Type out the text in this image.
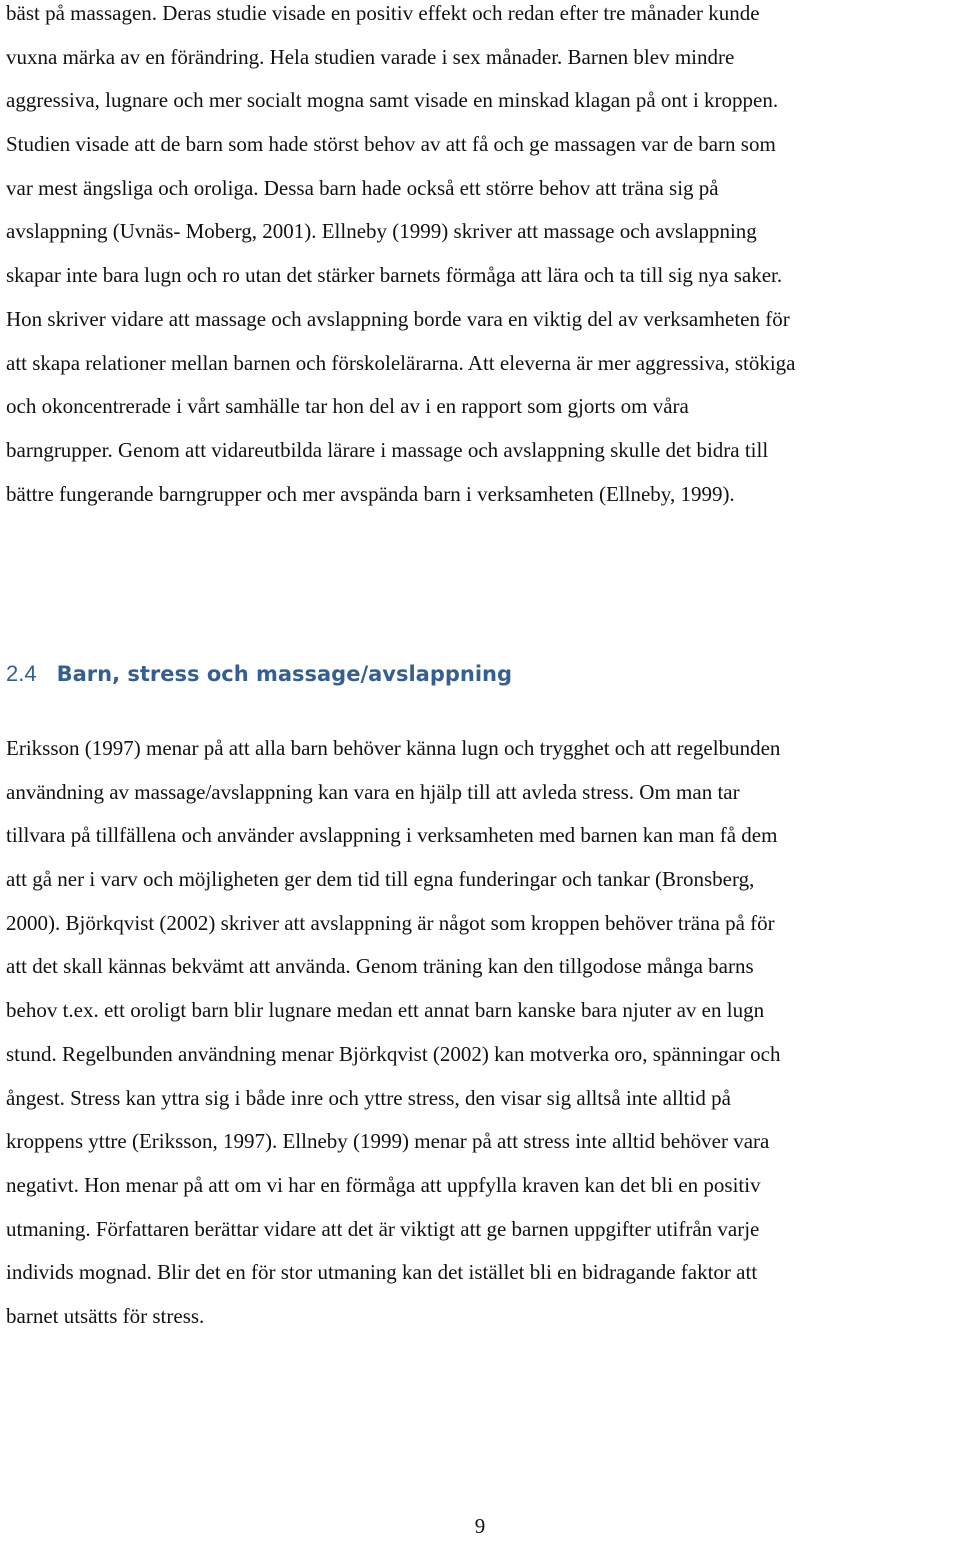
bäst på massagen. Deras studie visade en positiv effekt och redan efter tre månader kunde
vuxna märka av en förändring. Hela studien varade i sex månader. Barnen blev mindre
aggressiva, lugnare och mer socialt mogna samt visade en minskad klagan på ont i kroppen.
Studien visade att de barn som hade störst behov av att få och ge massagen var de barn som
var mest ängsliga och oroliga. Dessa barn hade också ett större behov att träna sig på
avslappning (Uvnäs- Moberg, 2001). Ellneby (1999) skriver att massage och avslappning
skapar inte bara lugn och ro utan det stärker barnets förmåga att lära och ta till sig nya saker.
Hon skriver vidare att massage och avslappning borde vara en viktig del av verksamheten för
att skapa relationer mellan barnen och förskolelärarna. Att eleverna är mer aggressiva, stökiga
och okoncentrerade i vårt samhälle tar hon del av i en rapport som gjorts om våra
barngrupper. Genom att vidareutbilda lärare i massage och avslappning skulle det bidra till
bättre fungerande barngrupper och mer avspända barn i verksamheten (Ellneby, 1999).

2.4 Barn, stress och massage/avslappning

Eriksson (1997) menar på att alla barn behöver känna lugn och trygghet och att regelbunden
användning av massage/avslappning kan vara en hjälp till att avleda stress. Om man tar
tillvara på tillfällena och använder avslappning i verksamheten med barnen kan man få dem
att gå ner i varv och möjligheten ger dem tid till egna funderingar och tankar (Bronsberg,
2000). Björkqvist (2002) skriver att avslappning är något som kroppen behöver träna på för
att det skall kännas bekvämt att använda. Genom träning kan den tillgodose många barns
behov t.ex. ett oroligt barn blir lugnare medan ett annat barn kanske bara njuter av en lugn
stund. Regelbunden användning menar Björkqvist (2002) kan motverka oro, spänningar och
ångest. Stress kan yttra sig i både inre och yttre stress, den visar sig alltså inte alltid på
kroppens yttre (Eriksson, 1997). Ellneby (1999) menar på att stress inte alltid behöver vara
negativt. Hon menar på att om vi har en förmåga att uppfylla kraven kan det bli en positiv
utmaning. Författaren berättar vidare att det är viktigt att ge barnen uppgifter utifrån varje
individs mognad. Blir det en för stor utmaning kan det istället bli en bidragande faktor att
barnet utsätts för stress.

9
